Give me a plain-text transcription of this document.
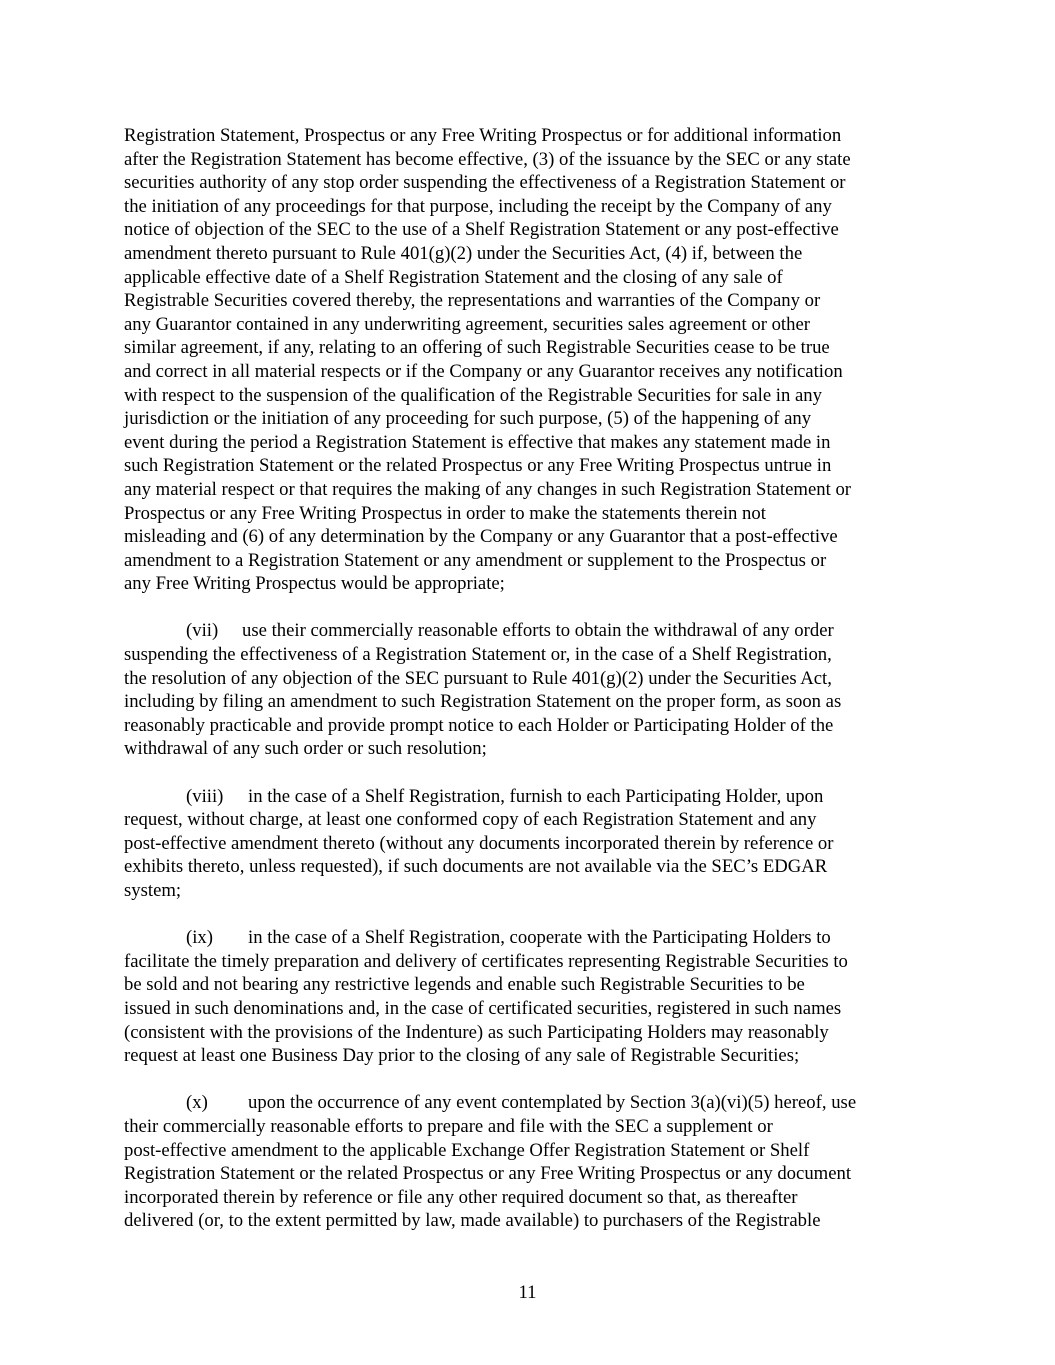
Registration Statement, Prospectus or any Free Writing Prospectus or for additional information
after the Registration Statement has become effective, (3) of the issuance by the SEC or any state
securities authority of any stop order suspending the effectiveness of a Registration Statement or
the initiation of any proceedings for that purpose, including the receipt by the Company of any
notice of objection of the SEC to the use of a Shelf Registration Statement or any post-effective
amendment thereto pursuant to Rule 401(g)(2) under the Securities Act, (4) if, between the
applicable effective date of a Shelf Registration Statement and the closing of any sale of
Registrable Securities covered thereby, the representations and warranties of the Company or
any Guarantor contained in any underwriting agreement, securities sales agreement or other
similar agreement, if any, relating to an offering of such Registrable Securities cease to be true
and correct in all material respects or if the Company or any Guarantor receives any notification
with respect to the suspension of the qualification of the Registrable Securities for sale in any
jurisdiction or the initiation of any proceeding for such purpose, (5) of the happening of any
event during the period a Registration Statement is effective that makes any statement made in
such Registration Statement or the related Prospectus or any Free Writing Prospectus untrue in
any material respect or that requires the making of any changes in such Registration Statement or
Prospectus or any Free Writing Prospectus in order to make the statements therein not
misleading and (6) of any determination by the Company or any Guarantor that a post-effective
amendment to a Registration Statement or any amendment or supplement to the Prospectus or
any Free Writing Prospectus would be appropriate;
(vii) use their commercially reasonable efforts to obtain the withdrawal of any order
suspending the effectiveness of a Registration Statement or, in the case of a Shelf Registration,
the resolution of any objection of the SEC pursuant to Rule 401(g)(2) under the Securities Act,
including by filing an amendment to such Registration Statement on the proper form, as soon as
reasonably practicable and provide prompt notice to each Holder or Participating Holder of the
withdrawal of any such order or such resolution;
(viii) in the case of a Shelf Registration, furnish to each Participating Holder, upon
request, without charge, at least one conformed copy of each Registration Statement and any
post-effective amendment thereto (without any documents incorporated therein by reference or
exhibits thereto, unless requested), if such documents are not available via the SEC’s EDGAR
system;
(ix) in the case of a Shelf Registration, cooperate with the Participating Holders to
facilitate the timely preparation and delivery of certificates representing Registrable Securities to
be sold and not bearing any restrictive legends and enable such Registrable Securities to be
issued in such denominations and, in the case of certificated securities, registered in such names
(consistent with the provisions of the Indenture) as such Participating Holders may reasonably
request at least one Business Day prior to the closing of any sale of Registrable Securities;
(x) upon the occurrence of any event contemplated by Section 3(a)(vi)(5) hereof, use
their commercially reasonable efforts to prepare and file with the SEC a supplement or
post-effective amendment to the applicable Exchange Offer Registration Statement or Shelf
Registration Statement or the related Prospectus or any Free Writing Prospectus or any document
incorporated therein by reference or file any other required document so that, as thereafter
delivered (or, to the extent permitted by law, made available) to purchasers of the Registrable
11
